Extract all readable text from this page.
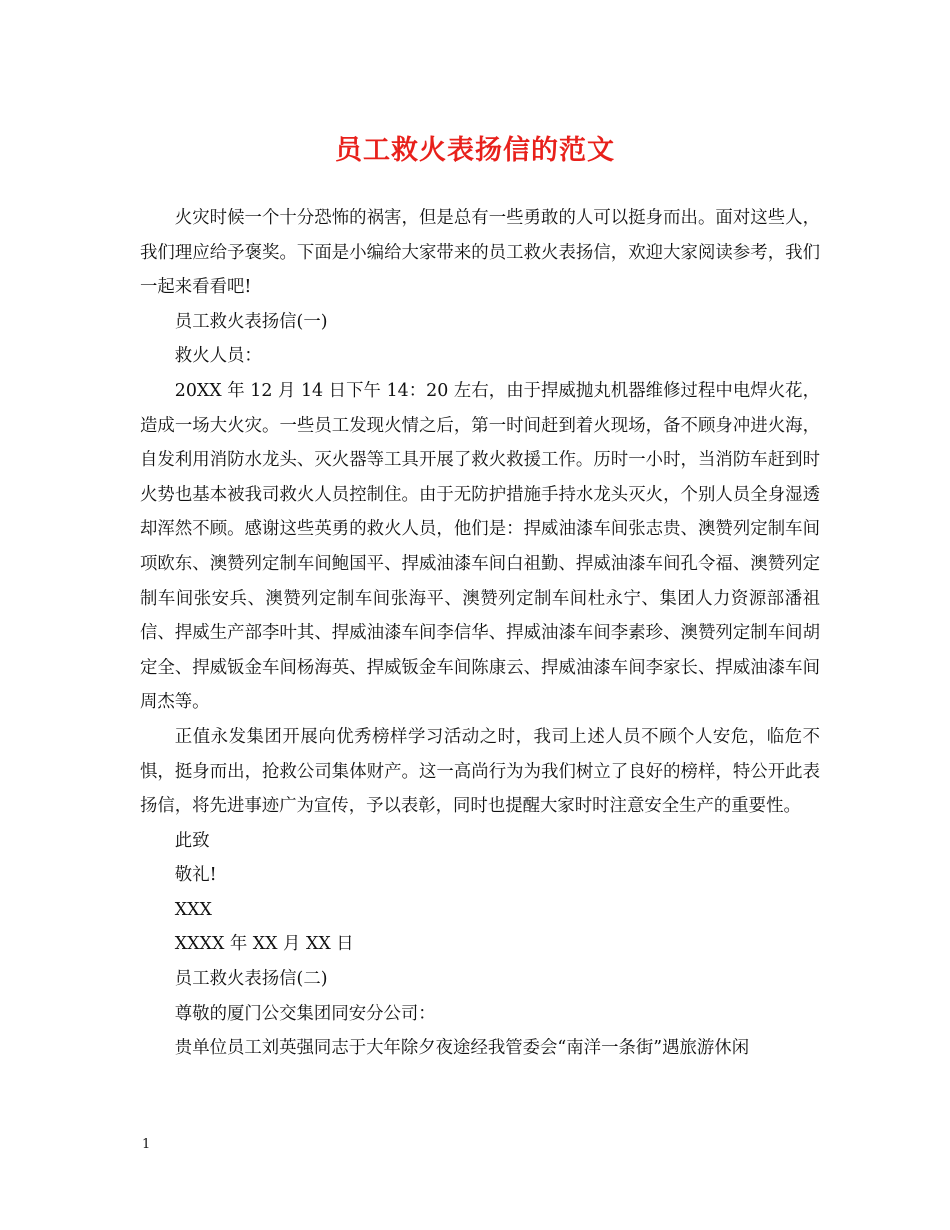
员工救火表扬信的范文

火灾时候一个十分恐怖的祸害，但是总有一些勇敢的人可以挺身而出。面对这些人，我们理应给予褒奖。下面是小编给大家带来的员工救火表扬信，欢迎大家阅读参考，我们一起来看看吧!

员工救火表扬信(一)

救火人员：

20XX 年 12 月 14 日下午 14：20 左右，由于捍威抛丸机器维修过程中电焊火花，造成一场大火灾。一些员工发现火情之后，第一时间赶到着火现场，备不顾身冲进火海，自发利用消防水龙头、灭火器等工具开展了救火救援工作。历时一小时，当消防车赶到时火势也基本被我司救火人员控制住。由于无防护措施手持水龙头灭火，个别人员全身湿透却浑然不顾。感谢这些英勇的救火人员，他们是：捍威油漆车间张志贵、澳赞列定制车间项欧东、澳赞列定制车间鲍国平、捍威油漆车间白祖勤、捍威油漆车间孔令福、澳赞列定制车间张安兵、澳赞列定制车间张海平、澳赞列定制车间杜永宁、集团人力资源部潘祖信、捍威生产部李叶其、捍威油漆车间李信华、捍威油漆车间李素珍、澳赞列定制车间胡定全、捍威钣金车间杨海英、捍威钣金车间陈康云、捍威油漆车间李家长、捍威油漆车间周杰等。

正值永发集团开展向优秀榜样学习活动之时，我司上述人员不顾个人安危，临危不惧，挺身而出，抢救公司集体财产。这一高尚行为为我们树立了良好的榜样，特公开此表扬信，将先进事迹广为宣传，予以表彰，同时也提醒大家时时注意安全生产的重要性。

此致

敬礼!

XXX

XXXX 年 XX 月 XX 日

员工救火表扬信(二)

尊敬的厦门公交集团同安分公司：

贵单位员工刘英强同志于大年除夕夜途经我管委会“南洋一条街”遇旅游休闲

1
